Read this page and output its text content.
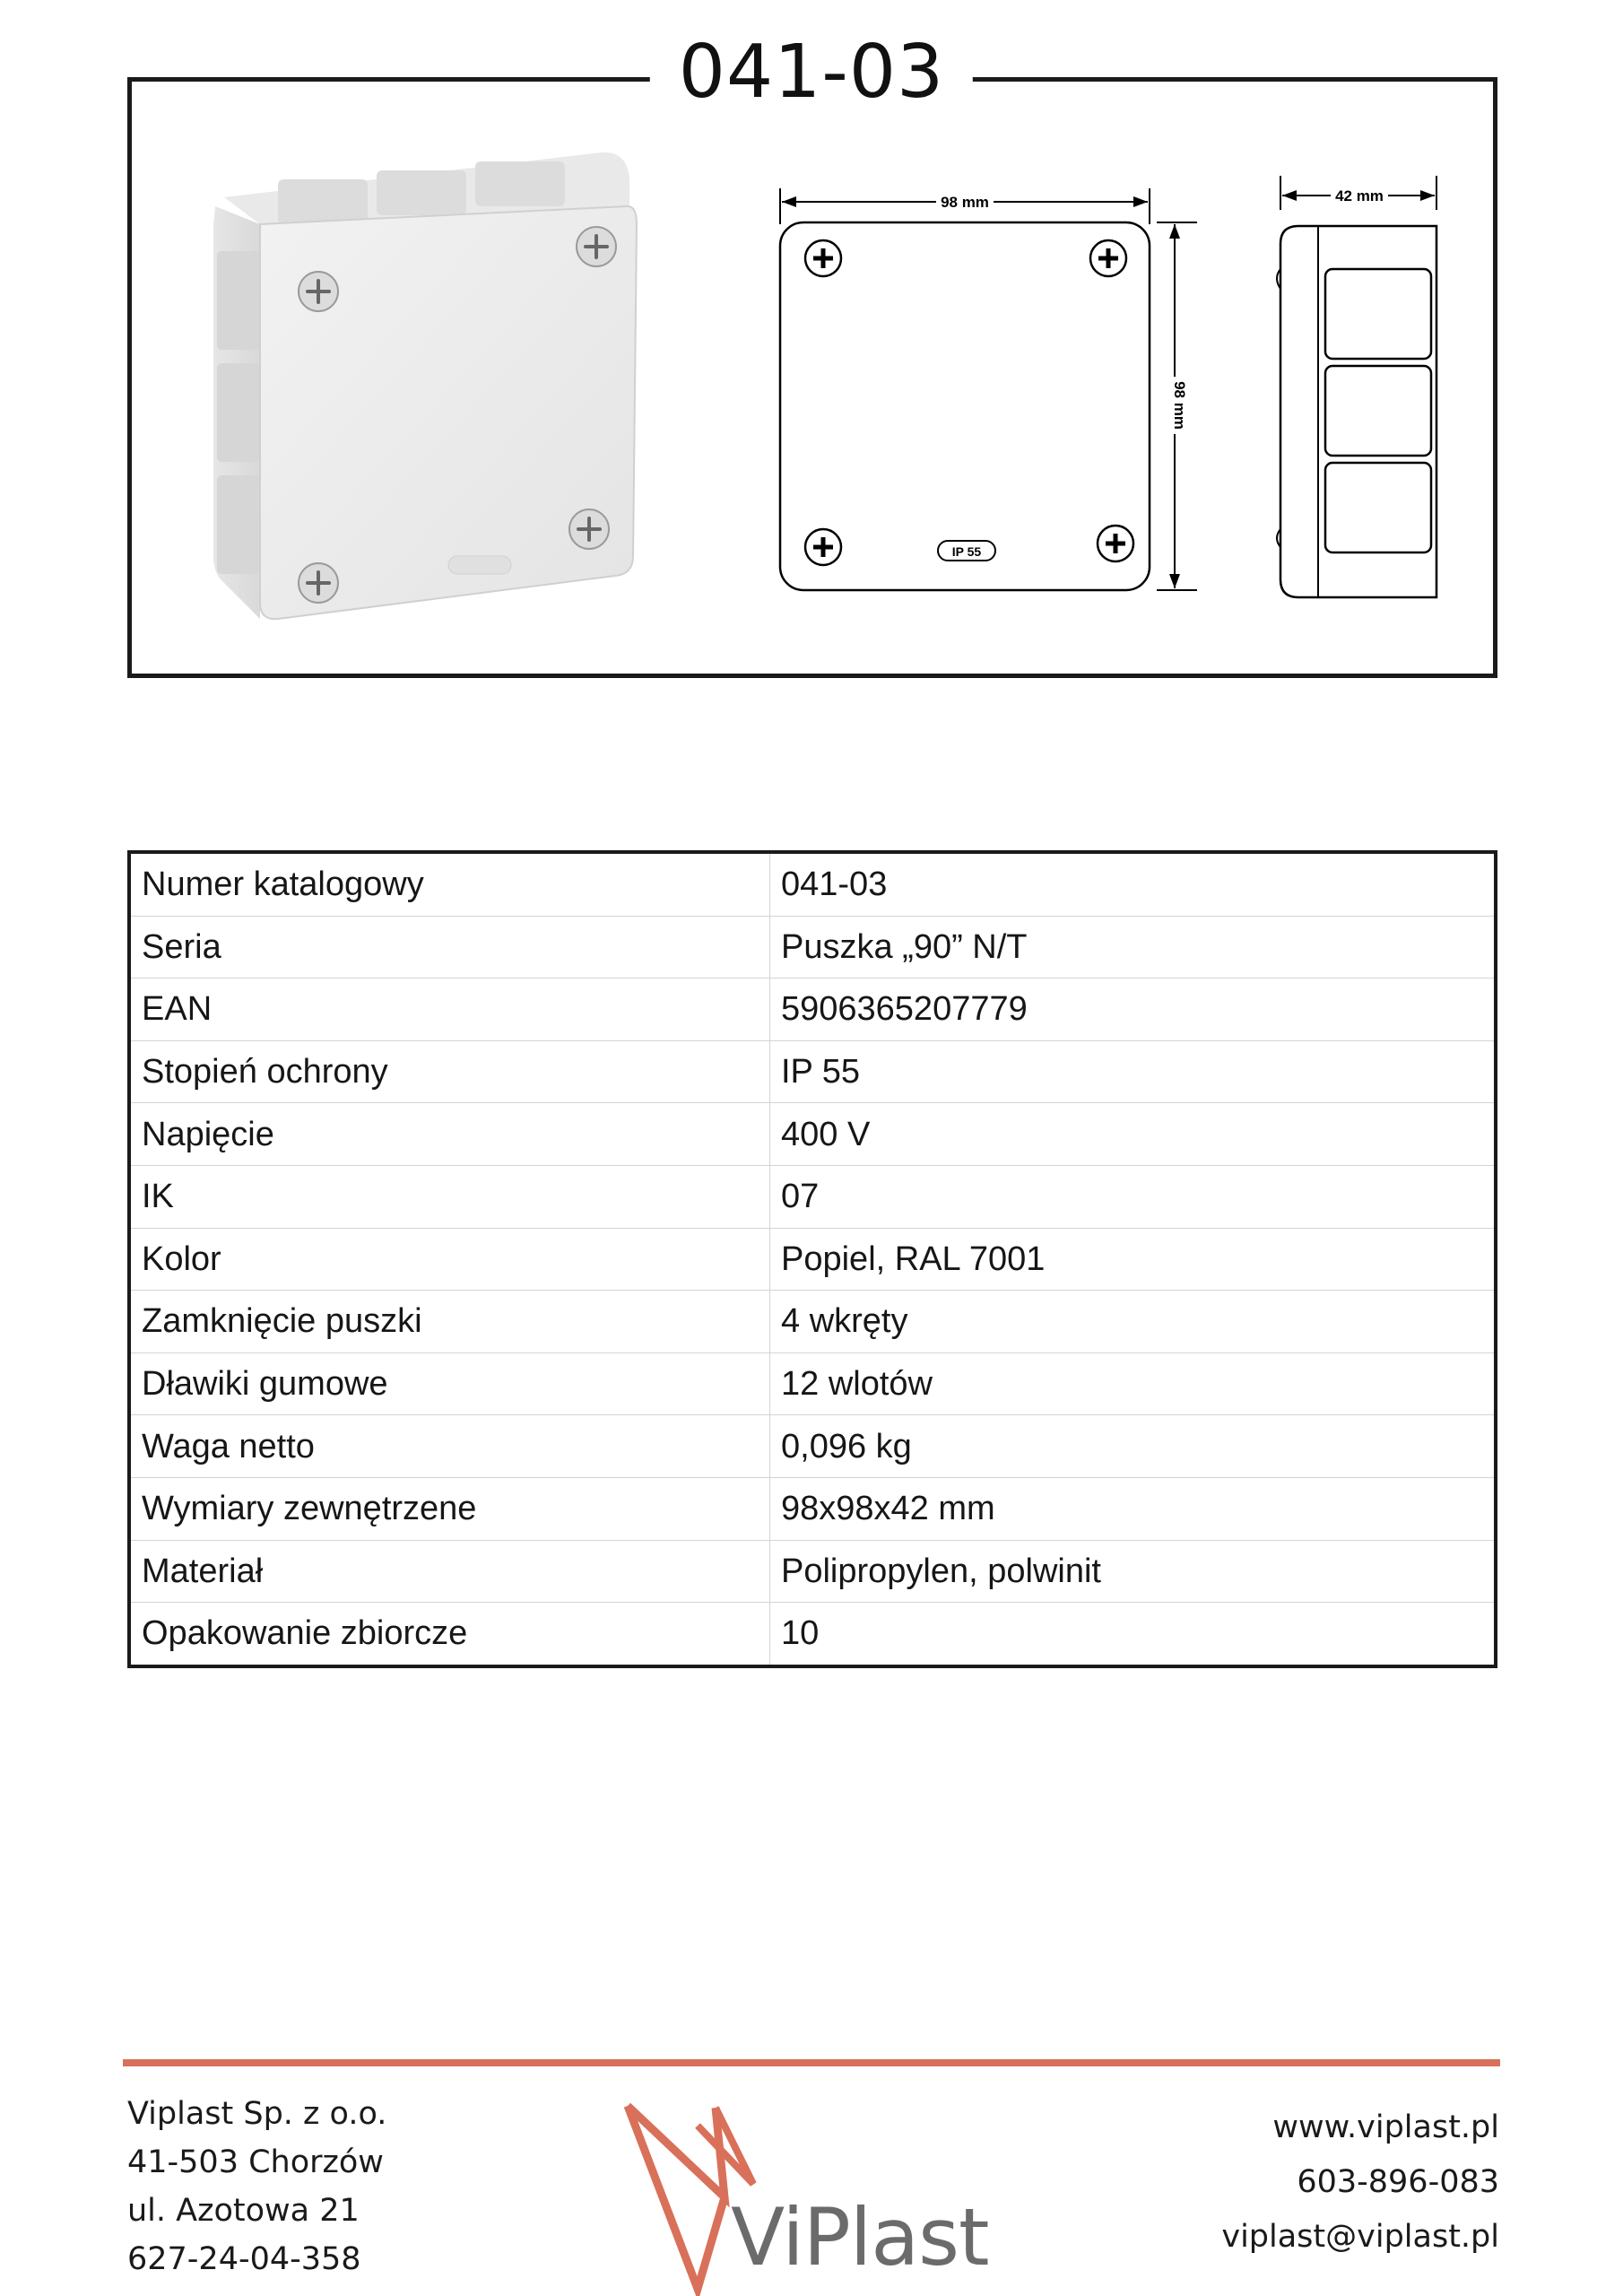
041-03
98 mm
98 mm
IP 55
42 mm
Numer katalogowy	041-03
Seria	Puszka „90” N/T
EAN	5906365207779
Stopień ochrony	IP 55
Napięcie	400 V
IK	07
Kolor	Popiel, RAL 7001
Zamknięcie puszki	4 wkręty
Dławiki gumowe	12 wlotów
Waga netto	0,096 kg
Wymiary zewnętrzene	98x98x42 mm
Materiał	Polipropylen, polwinit
Opakowanie zbiorcze	10
Viplast Sp. z o.o.
41-503 Chorzów
ul. Azotowa 21
627-24-04-358	ViPlast
www.viplast.pl
603-896-083
viplast@viplast.pl
